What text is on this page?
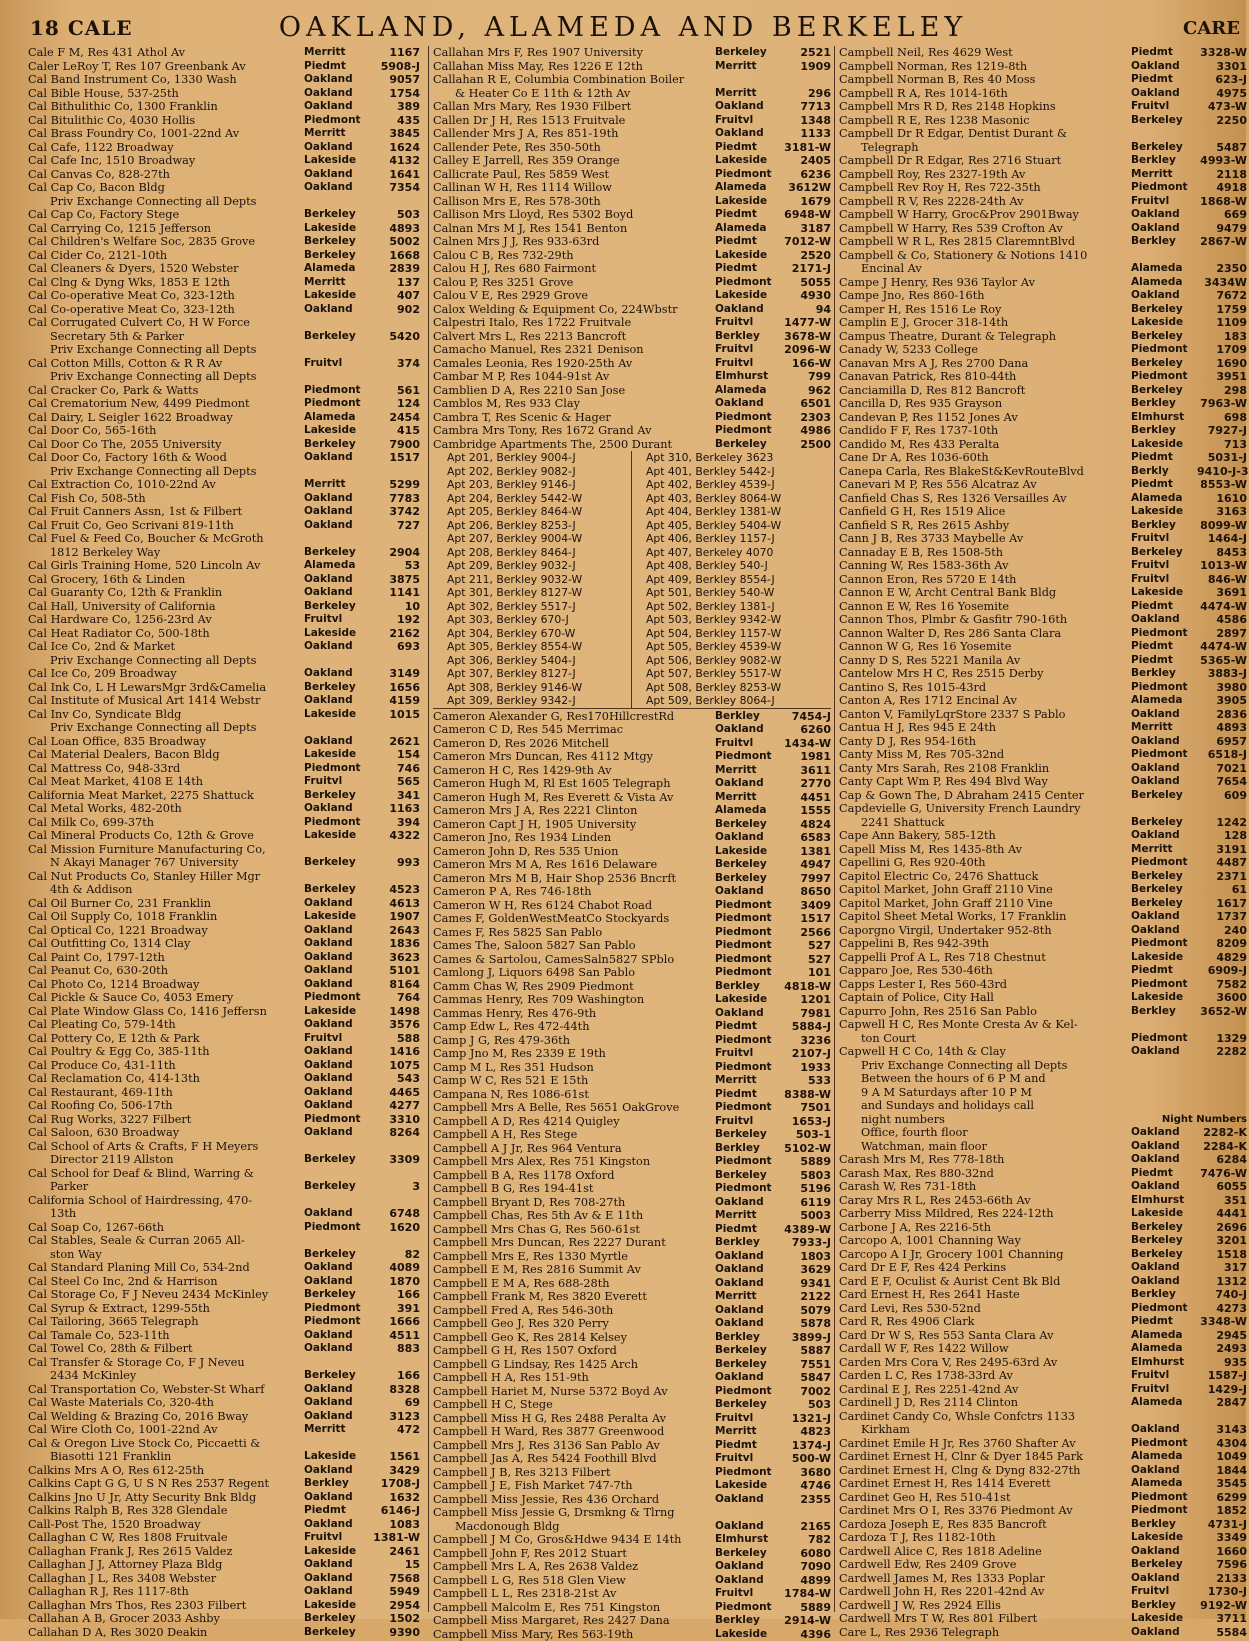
18 CALE	OAKLAND, ALAMEDA AND BERKELEY	CARE
Cale F M, Res 431 Athol Av	Merritt	1167
Caler LeRoy T, Res 107 Greenbank Av	Piedmt	5908-J
Cal Band Instrument Co, 1330 Wash	Oakland	9057
Cal Bible House, 537-25th	Oakland	1754
Cal Bithulithic Co, 1300 Franklin	Oakland	389
Cal Bitulithic Co, 4030 Hollis	Piedmont	435
Cal Brass Foundry Co, 1001-22nd Av	Merritt	3845
Cal Cafe, 1122 Broadway	Oakland	1624
Cal Cafe Inc, 1510 Broadway	Lakeside	4132
Cal Canvas Co, 828-27th	Oakland	1641
Cal Cap Co, Bacon Bldg	Oakland	7354
Priv Exchange Connecting all Depts
Cal Cap Co, Factory Stege	Berkeley	503
Cal Carrying Co, 1215 Jefferson	Lakeside	4893
Cal Children's Welfare Soc, 2835 Grove	Berkeley	5002
Cal Cider Co, 2121-10th	Berkeley	1668
Cal Cleaners & Dyers, 1520 Webster	Alameda	2839
Cal Clng & Dyng Wks, 1853 E 12th	Merritt	137
Cal Co-operative Meat Co, 323-12th	Lakeside	407
Cal Co-operative Meat Co, 323-12th	Oakland	902
Cal Corrugated Culvert Co, H W Force
Secretary 5th & Parker	Berkeley	5420
Priv Exchange Connecting all Depts
Cal Cotton Mills, Cotton & R R Av	Fruitvl	374
Priv Exchange Connecting all Depts
Cal Cracker Co, Park & Watts	Piedmont	561
Cal Crematorium New, 4499 Piedmont	Piedmont	124
Cal Dairy, L Seigler 1622 Broadway	Alameda	2454
Cal Door Co, 565-16th	Lakeside	415
Cal Door Co The, 2055 University	Berkeley	7900
Cal Door Co, Factory 16th & Wood	Oakland	1517
Priv Exchange Connecting all Depts
Cal Extraction Co, 1010-22nd Av	Merritt	5299
Cal Fish Co, 508-5th	Oakland	7783
Cal Fruit Canners Assn, 1st & Filbert	Oakland	3742
Cal Fruit Co, Geo Scrivani 819-11th	Oakland	727
Cal Fuel & Feed Co, Boucher & McGroth
1812 Berkeley Way	Berkeley	2904
Cal Girls Training Home, 520 Lincoln Av	Alameda	53
Cal Grocery, 16th & Linden	Oakland	3875
Cal Guaranty Co, 12th & Franklin	Oakland	1141
Cal Hall, University of California	Berkeley	10
Cal Hardware Co, 1256-23rd Av	Fruitvl	192
Cal Heat Radiator Co, 500-18th	Lakeside	2162
Cal Ice Co, 2nd & Market	Oakland	693
Priv Exchange Connecting all Depts
Cal Ice Co, 209 Broadway	Oakland	3149
Cal Ink Co, L H LewarsMgr 3rd&Camelia	Berkeley	1656
Cal Institute of Musical Art 1414 Webstr	Oakland	4159
Cal Inv Co, Syndicate Bldg	Lakeside	1015
Priv Exchange Connecting all Depts
Cal Loan Office, 835 Broadway	Oakland	2621
Cal Material Dealers, Bacon Bldg	Lakeside	154
Cal Mattress Co, 948-33rd	Piedmont	746
Cal Meat Market, 4108 E 14th	Fruitvl	565
California Meat Market, 2275 Shattuck	Berkeley	341
Cal Metal Works, 482-20th	Oakland	1163
Cal Milk Co, 699-37th	Piedmont	394
Cal Mineral Products Co, 12th & Grove	Lakeside	4322
Cal Mission Furniture Manufacturing Co,
N Akayi Manager 767 University	Berkeley	993
Cal Nut Products Co, Stanley Hiller Mgr
4th & Addison	Berkeley	4523
Cal Oil Burner Co, 231 Franklin	Oakland	4613
Cal Oil Supply Co, 1018 Franklin	Lakeside	1907
Cal Optical Co, 1221 Broadway	Oakland	2643
Cal Outfitting Co, 1314 Clay	Oakland	1836
Cal Paint Co, 1797-12th	Oakland	3623
Cal Peanut Co, 630-20th	Oakland	5101
Cal Photo Co, 1214 Broadway	Oakland	8164
Cal Pickle & Sauce Co, 4053 Emery	Piedmont	764
Cal Plate Window Glass Co, 1416 Jeffersn	Lakeside	1498
Cal Pleating Co, 579-14th	Oakland	3576
Cal Pottery Co, E 12th & Park	Fruitvl	588
Cal Poultry & Egg Co, 385-11th	Oakland	1416
Cal Produce Co, 431-11th	Oakland	1075
Cal Reclamation Co, 414-13th	Oakland	543
Cal Restaurant, 469-11th	Oakland	4465
Cal Roofing Co, 506-17th	Oakland	4277
Cal Rug Works, 3227 Filbert	Piedmont	3310
Cal Saloon, 630 Broadway	Oakland	8264
Cal School of Arts & Crafts, F H Meyers
Director 2119 Allston	Berkeley	3309
Cal School for Deaf & Blind, Warring &
Parker	Berkeley	3
California School of Hairdressing, 470-
13th	Oakland	6748
Cal Soap Co, 1267-66th	Piedmont	1620
Cal Stables, Seale & Curran 2065 All-
ston Way	Berkeley	82
Cal Standard Planing Mill Co, 534-2nd	Oakland	4089
Cal Steel Co Inc, 2nd & Harrison	Oakland	1870
Cal Storage Co, F J Neveu 2434 McKinley	Berkeley	166
Cal Syrup & Extract, 1299-55th	Piedmont	391
Cal Tailoring, 3665 Telegraph	Piedmont	1666
Cal Tamale Co, 523-11th	Oakland	4511
Cal Towel Co, 28th & Filbert	Oakland	883
Cal Transfer & Storage Co, F J Neveu
2434 McKinley	Berkeley	166
Cal Transportation Co, Webster-St Wharf	Oakland	8328
Cal Waste Materials Co, 320-4th	Oakland	69
Cal Welding & Brazing Co, 2016 Bway	Oakland	3123
Cal Wire Cloth Co, 1001-22nd Av	Merritt	472
Cal & Oregon Live Stock Co, Piccaetti &
Biasotti 121 Franklin	Lakeside	1561
Calkins Mrs A O, Res 612-25th	Oakland	3429
Calkins Capt G G, U S N Res 2537 Regent	Berkley	1708-J
Calkins Jno U Jr, Atty Security Bnk Bldg	Oakland	1632
Calkins Ralph B, Res 328 Glendale	Piedmt	6146-J
Call-Post The, 1520 Broadway	Oakland	1083
Callaghan C W, Res 1808 Fruitvale	Fruitvl	1381-W
Callaghan Frank J, Res 2615 Valdez	Lakeside	2461
Callaghan J J, Attorney Plaza Bldg	Oakland	15
Callaghan J L, Res 3408 Webster	Oakland	7568
Callaghan R J, Res 1117-8th	Oakland	5949
Callaghan Mrs Thos, Res 2303 Filbert	Lakeside	2954
Callahan A B, Grocer 2033 Ashby	Berkeley	1502
Callahan D A, Res 3020 Deakin	Berkeley	9390
Callahan Mrs F, Res 1907 University	Berkeley	2521
Callahan Miss May, Res 1226 E 12th	Merritt	1909
Callahan R E, Columbia Combination Boiler
& Heater Co E 11th & 12th Av	Merritt	296
Callan Mrs Mary, Res 1930 Filbert	Oakland	7713
Callen Dr J H, Res 1513 Fruitvale	Fruitvl	1348
Callender Mrs J A, Res 851-19th	Oakland	1133
Callender Pete, Res 350-50th	Piedmt	3181-W
Calley E Jarrell, Res 359 Orange	Lakeside	2405
Callicrate Paul, Res 5859 West	Piedmont	6236
Callinan W H, Res 1114 Willow	Alameda	3612W
Callison Mrs E, Res 578-30th	Lakeside	1679
Callison Mrs Lloyd, Res 5302 Boyd	Piedmt	6948-W
Calnan Mrs M J, Res 1541 Benton	Alameda	3187
Calnen Mrs J J, Res 933-63rd	Piedmt	7012-W
Calou C B, Res 732-29th	Lakeside	2520
Calou H J, Res 680 Fairmont	Piedmt	2171-J
Calou P, Res 3251 Grove	Piedmont	5055
Calou V E, Res 2929 Grove	Lakeside	4930
Calox Welding & Equipment Co, 224Wbstr	Oakland	94
Calpestri Italo, Res 1722 Fruitvale	Fruitvl	1477-W
Calvert Mrs L, Res 2213 Bancroft	Berkley	3678-W
Camacho Manuel, Res 2321 Denison	Fruitvl	2096-W
Camales Leonia, Res 1920-25th Av	Fruitvl	166-W
Cambar M P, Res 1044-91st Av	Elmhurst	799
Camblien D A, Res 2210 San Jose	Alameda	962
Camblos M, Res 933 Clay	Oakland	6501
Cambra T, Res Scenic & Hager	Piedmont	2303
Cambra Mrs Tony, Res 1672 Grand Av	Piedmont	4986
Cambridge Apartments The, 2500 Durant	Berkeley	2500
Apt 201, Berkley 9004-J	Apt 310, Berkeley 3623
Apt 202, Berkley 9082-J	Apt 401, Berkley 5442-J
Apt 203, Berkley 9146-J	Apt 402, Berkley 4539-J
Apt 204, Berkley 5442-W	Apt 403, Berkley 8064-W
Apt 205, Berkley 8464-W	Apt 404, Berkley 1381-W
Apt 206, Berkley 8253-J	Apt 405, Berkley 5404-W
Apt 207, Berkley 9004-W	Apt 406, Berkley 1157-J
Apt 208, Berkley 8464-J	Apt 407, Berkeley 4070
Apt 209, Berkley 9032-J	Apt 408, Berkley 540-J
Apt 211, Berkley 9032-W	Apt 409, Berkley 8554-J
Apt 301, Berkley 8127-W	Apt 501, Berkley 540-W
Apt 302, Berkley 5517-J	Apt 502, Berkley 1381-J
Apt 303, Berkley 670-J	Apt 503, Berkley 9342-W
Apt 304, Berkley 670-W	Apt 504, Berkley 1157-W
Apt 305, Berkley 8554-W	Apt 505, Berkley 4539-W
Apt 306, Berkley 5404-J	Apt 506, Berkley 9082-W
Apt 307, Berkley 8127-J	Apt 507, Berkley 5517-W
Apt 308, Berkley 9146-W	Apt 508, Berkley 8253-W
Apt 309, Berkley 9342-J	Apt 509, Berkley 8064-J
Cameron Alexander G, Res170HillcrestRd	Berkley	7454-J
Cameron C D, Res 545 Merrimac	Oakland	6260
Cameron D, Res 2026 Mitchell	Fruitvl	1434-W
Cameron Mrs Duncan, Res 4112 Mtgy	Piedmont	1981
Cameron H C, Res 1429-9th Av	Merritt	3611
Cameron Hugh M, Rl Est 1605 Telegraph	Oakland	2770
Cameron Hugh M, Res Everett & Vista Av	Merritt	4451
Cameron Mrs J A, Res 2221 Clinton	Alameda	1555
Cameron Capt J H, 1905 University	Berkeley	4824
Cameron Jno, Res 1934 Linden	Oakland	6583
Cameron John D, Res 535 Union	Lakeside	1381
Cameron Mrs M A, Res 1616 Delaware	Berkeley	4947
Cameron Mrs M B, Hair Shop 2536 Bncrft	Berkeley	7997
Cameron P A, Res 746-18th	Oakland	8650
Cameron W H, Res 6124 Chabot Road	Piedmont	3409
Cames F, GoldenWestMeatCo Stockyards	Piedmont	1517
Cames F, Res 5825 San Pablo	Piedmont	2566
Cames The, Saloon 5827 San Pablo	Piedmont	527
Cames & Sartolou, CamesSaln5827 SPblo	Piedmont	527
Camlong J, Liquors 6498 San Pablo	Piedmont	101
Camm Chas W, Res 2909 Piedmont	Berkley	4818-W
Cammas Henry, Res 709 Washington	Lakeside	1201
Cammas Henry, Res 476-9th	Oakland	7981
Camp Edw L, Res 472-44th	Piedmt	5884-J
Camp J G, Res 479-36th	Piedmont	3236
Camp Jno M, Res 2339 E 19th	Fruitvl	2107-J
Camp M L, Res 351 Hudson	Piedmont	1933
Camp W C, Res 521 E 15th	Merritt	533
Campana N, Res 1086-61st	Piedmt	8388-W
Campbell Mrs A Belle, Res 5651 OakGrove	Piedmont	7501
Campbell A D, Res 4214 Quigley	Fruitvl	1653-J
Campbell A H, Res Stege	Berkeley	503-1
Campbell A J Jr, Res 964 Ventura	Berkley	5102-W
Campbell Mrs Alex, Res 751 Kingston	Piedmont	5889
Campbell B A, Res 1178 Oxford	Berkeley	5803
Campbell B G, Res 194-41st	Piedmont	5196
Campbell Bryant D, Res 708-27th	Oakland	6119
Campbell Chas, Res 5th Av & E 11th	Merritt	5003
Campbell Mrs Chas G, Res 560-61st	Piedmt	4389-W
Campbell Mrs Duncan, Res 2227 Durant	Berkley	7933-J
Campbell Mrs E, Res 1330 Myrtle	Oakland	1803
Campbell E M, Res 2816 Summit Av	Oakland	3629
Campbell E M A, Res 688-28th	Oakland	9341
Campbell Frank M, Res 3820 Everett	Merritt	2122
Campbell Fred A, Res 546-30th	Oakland	5079
Campbell Geo J, Res 320 Perry	Oakland	5878
Campbell Geo K, Res 2814 Kelsey	Berkley	3899-J
Campbell G H, Res 1507 Oxford	Berkeley	5887
Campbell G Lindsay, Res 1425 Arch	Berkeley	7551
Campbell H A, Res 151-9th	Oakland	5847
Campbell Hariet M, Nurse 5372 Boyd Av	Piedmont	7002
Campbell H C, Stege	Berkeley	503
Campbell Miss H G, Res 2488 Peralta Av	Fruitvl	1321-J
Campbell H Ward, Res 3877 Greenwood	Merritt	4823
Campbell Mrs J, Res 3136 San Pablo Av	Piedmt	1374-J
Campbell Jas A, Res 5424 Foothill Blvd	Fruitvl	500-W
Campbell J B, Res 3213 Filbert	Piedmont	3680
Campbell J E, Fish Market 747-7th	Lakeside	4746
Campbell Miss Jessie, Res 436 Orchard	Oakland	2355
Campbell Miss Jessie G, Drsmkng & Tlrng
Macdonough Bldg	Oakland	2165
Campbell J M Co, Gros&Hdwe 9434 E 14th	Elmhurst	782
Campbell John F, Res 2012 Stuart	Berkeley	6080
Campbell Mrs L A, Res 2638 Valdez	Oakland	7090
Campbell L G, Res 518 Glen View	Oakland	4899
Campbell L L, Res 2318-21st Av	Fruitvl	1784-W
Campbell Malcolm E, Res 751 Kingston	Piedmont	5889
Campbell Miss Margaret, Res 2427 Dana	Berkley	2914-W
Campbell Miss Mary, Res 563-19th	Lakeside	4396
Campbell Neil, Res 4629 West	Piedmt	3328-W
Campbell Norman, Res 1219-8th	Oakland	3301
Campbell Norman B, Res 40 Moss	Piedmt	623-J
Campbell R A, Res 1014-16th	Oakland	4975
Campbell Mrs R D, Res 2148 Hopkins	Fruitvl	473-W
Campbell R E, Res 1238 Masonic	Berkeley	2250
Campbell Dr R Edgar, Dentist Durant &
Telegraph	Berkeley	5487
Campbell Dr R Edgar, Res 2716 Stuart	Berkley	4993-W
Campbell Roy, Res 2327-19th Av	Merritt	2118
Campbell Rev Roy H, Res 722-35th	Piedmont	4918
Campbell R V, Res 2228-24th Av	Fruitvl	1868-W
Campbell W Harry, Groc&Prov 2901Bway	Oakland	669
Campbell W Harry, Res 539 Crofton Av	Oakland	9479
Campbell W R L, Res 2815 ClaremntBlvd	Berkley	2867-W
Campbell & Co, Stationery & Notions 1410
Encinal Av	Alameda	2350
Campe J Henry, Res 936 Taylor Av	Alameda	3434W
Campe Jno, Res 860-16th	Oakland	7672
Camper H, Res 1516 Le Roy	Berkeley	1759
Camplin E J, Grocer 318-14th	Lakeside	1109
Campus Theatre, Durant & Telegraph	Berkeley	183
Canady W, 5233 College	Piedmont	1709
Canavan Mrs A J, Res 2700 Dana	Berkeley	1690
Canavan Patrick, Res 810-44th	Piedmont	3951
Canciamilla D, Res 812 Bancroft	Berkeley	298
Cancilla D, Res 935 Grayson	Berkley	7963-W
Candevan P, Res 1152 Jones Av	Elmhurst	698
Candido F F, Res 1737-10th	Berkley	7927-J
Candido M, Res 433 Peralta	Lakeside	713
Cane Dr A, Res 1036-60th	Piedmt	5031-J
Canepa Carla, Res BlakeSt&KevRouteBlvd	Berkly	9410-J-3
Canevari M P, Res 556 Alcatraz Av	Piedmt	8553-W
Canfield Chas S, Res 1326 Versailles Av	Alameda	1610
Canfield G H, Res 1519 Alice	Lakeside	3163
Canfield S R, Res 2615 Ashby	Berkley	8099-W
Cann J B, Res 3733 Maybelle Av	Fruitvl	1464-J
Cannaday E B, Res 1508-5th	Berkeley	8453
Canning W, Res 1583-36th Av	Fruitvl	1013-W
Cannon Eron, Res 5720 E 14th	Fruitvl	846-W
Cannon E W, Archt Central Bank Bldg	Lakeside	3691
Cannon E W, Res 16 Yosemite	Piedmt	4474-W
Cannon Thos, Plmbr & Gasfitr 790-16th	Oakland	4586
Cannon Walter D, Res 286 Santa Clara	Piedmont	2897
Cannon W G, Res 16 Yosemite	Piedmt	4474-W
Canny D S, Res 5221 Manila Av	Piedmt	5365-W
Cantelow Mrs H C, Res 2515 Derby	Berkley	3883-J
Cantino S, Res 1015-43rd	Piedmont	3980
Canton A, Res 1712 Encinal Av	Alameda	3905
Canton V, FamilyLqrStore 2337 S Pablo	Oakland	2836
Cantua H J, Res 945 E 24th	Merritt	4893
Canty D J, Res 954-16th	Oakland	6957
Canty Miss M, Res 705-32nd	Piedmont	6518-J
Canty Mrs Sarah, Res 2108 Franklin	Oakland	7021
Canty Capt Wm P, Res 494 Blvd Way	Oakland	7654
Cap & Gown The, D Abraham 2415 Center	Berkeley	609
Capdevielle G, University French Laundry
2241 Shattuck	Berkeley	1242
Cape Ann Bakery, 585-12th	Oakland	128
Capell Miss M, Res 1435-8th Av	Merritt	3191
Capellini G, Res 920-40th	Piedmont	4487
Capitol Electric Co, 2476 Shattuck	Berkeley	2371
Capitol Market, John Graff 2110 Vine	Berkeley	61
Capitol Market, John Graff 2110 Vine	Berkeley	1617
Capitol Sheet Metal Works, 17 Franklin	Oakland	1737
Caporgno Virgil, Undertaker 952-8th	Oakland	240
Cappelini B, Res 942-39th	Piedmont	8209
Cappelli Prof A L, Res 718 Chestnut	Lakeside	4829
Capparo Joe, Res 530-46th	Piedmt	6909-J
Capps Lester I, Res 560-43rd	Piedmont	7582
Captain of Police, City Hall	Lakeside	3600
Capurro John, Res 2516 San Pablo	Berkley	3652-W
Capwell H C, Res Monte Cresta Av & Kel-
ton Court	Piedmont	1329
Capwell H C Co, 14th & Clay	Oakland	2282
Priv Exchange Connecting all Depts
Between the hours of 6 P M and
9 A M Saturdays after 10 P M
and Sundays and holidays call
night numbers	Night Numbers
Office, fourth floor	Oakland	2282-K
Watchman, main floor	Oakland	2284-K
Carash Mrs M, Res 778-18th	Oakland	6284
Carash Max, Res 880-32nd	Piedmt	7476-W
Carash W, Res 731-18th	Oakland	6055
Caray Mrs R L, Res 2453-66th Av	Elmhurst	351
Carberry Miss Mildred, Res 224-12th	Lakeside	4441
Carbone J A, Res 2216-5th	Berkeley	2696
Carcopo A, 1001 Channing Way	Berkeley	3201
Carcopo A I Jr, Grocery 1001 Channing	Berkeley	1518
Card Dr E F, Res 424 Perkins	Oakland	317
Card E F, Oculist & Aurist Cent Bk Bld	Oakland	1312
Card Ernest H, Res 2641 Haste	Berkley	740-J
Card Levi, Res 530-52nd	Piedmont	4273
Card R, Res 4906 Clark	Piedmt	3348-W
Card Dr W S, Res 553 Santa Clara Av	Alameda	2945
Cardall W F, Res 1422 Willow	Alameda	2493
Carden Mrs Cora V, Res 2495-63rd Av	Elmhurst	935
Carden L C, Res 1738-33rd Av	Fruitvl	1587-J
Cardinal E J, Res 2251-42nd Av	Fruitvl	1429-J
Cardinell J D, Res 2114 Clinton	Alameda	2847
Cardinet Candy Co, Whsle Confctrs 1133
Kirkham	Oakland	3143
Cardinet Emile H Jr, Res 3760 Shafter Av	Piedmont	4304
Cardinet Ernest H, Clnr & Dyer 1845 Park	Alameda	1049
Cardinet Ernest H, Clng & Dyng 832-27th	Oakland	1844
Cardinet Ernest H, Res 1414 Everett	Alameda	3545
Cardinet Geo H, Res 510-41st	Piedmont	6299
Cardinet Mrs O I, Res 3376 Piedmont Av	Piedmont	1852
Cardoza Joseph E, Res 835 Bancroft	Berkley	4731-J
Cardoza T J, Res 1182-10th	Lakeside	3349
Cardwell Alice C, Res 1818 Adeline	Oakland	1660
Cardwell Edw, Res 2409 Grove	Berkeley	7596
Cardwell James M, Res 1333 Poplar	Oakland	2133
Cardwell John H, Res 2201-42nd Av	Fruitvl	1730-J
Cardwell J W, Res 2924 Ellis	Berkley	9192-W
Cardwell Mrs T W, Res 801 Filbert	Lakeside	3711
Care L, Res 2936 Telegraph	Oakland	5584
